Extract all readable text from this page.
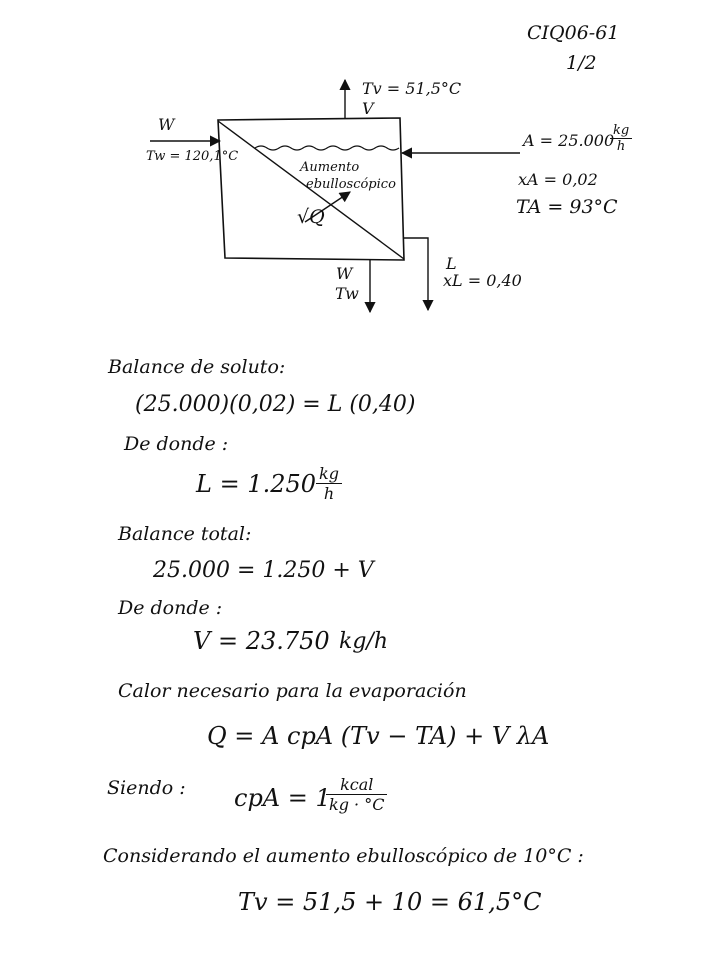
CIQ06-61
1/2
Tv = 51,5°C
V
W
Tw = 120,1°C
A = 25.000
$\frac{kg}{h}$
xA = 0,02
TA = 93°C
Aumento
ebulloscópico
√Q
W
Tw
L
xL = 0,40
Balance de soluto:
(25.000)(0,02) = L (0,40)
De donde :
$L = 1.250 \frac{kg}{h}$
Balance total:
25.000 = 1.250 + V
De donde :
V = 23.750 kg/h
Calor necesario para la evaporación
Q = A cpA (Tv − TA) + V λA
Siendo : cpA = 1 kcal
kg · °C
Considerando el aumento ebulloscópico de 10°C :
Tv = 51,5 + 10 = 61,5°C
